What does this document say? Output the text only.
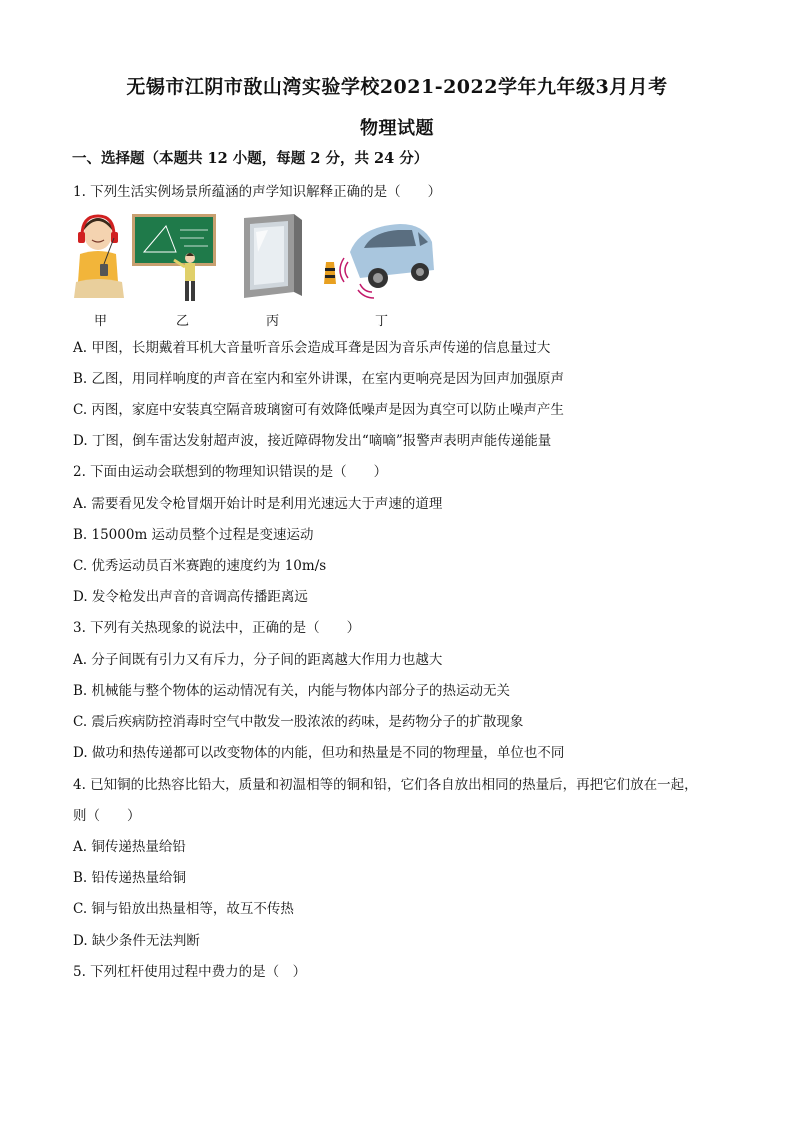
无锡市江阴市敔山湾实验学校2021-2022学年九年级3月月考
物理试题
一、选择题（本题共 12 小题，每题 2 分，共 24 分）
1. 下列生活实例场景所蕴涵的声学知识解释正确的是（　　）
甲	乙	丙	丁
A. 甲图，长期戴着耳机大音量听音乐会造成耳聋是因为音乐声传递的信息量过大
B. 乙图，用同样响度的声音在室内和室外讲课，在室内更响亮是因为回声加强原声
C. 丙图，家庭中安装真空隔音玻璃窗可有效降低噪声是因为真空可以防止噪声产生
D. 丁图，倒车雷达发射超声波，接近障碍物发出“嘀嘀”报警声表明声能传递能量
2. 下面由运动会联想到的物理知识错误的是（　　）
A. 需要看见发令枪冒烟开始计时是利用光速远大于声速的道理
B. 15000m 运动员整个过程是变速运动
C. 优秀运动员百米赛跑的速度约为 10m/s
D. 发令枪发出声音的音调高传播距离远
3. 下列有关热现象的说法中，正确的是（　　）
A. 分子间既有引力又有斥力，分子间的距离越大作用力也越大
B. 机械能与整个物体的运动情况有关，内能与物体内部分子的热运动无关
C. 震后疾病防控消毒时空气中散发一股浓浓的药味，是药物分子的扩散现象
D. 做功和热传递都可以改变物体的内能，但功和热量是不同的物理量，单位也不同
4. 已知铜的比热容比铅大，质量和初温相等的铜和铅，它们各自放出相同的热量后，再把它们放在一起，
则（　　）
A. 铜传递热量给铅
B. 铅传递热量给铜
C. 铜与铅放出热量相等，故互不传热
D. 缺少条件无法判断
5. 下列杠杆使用过程中费力的是（　）
